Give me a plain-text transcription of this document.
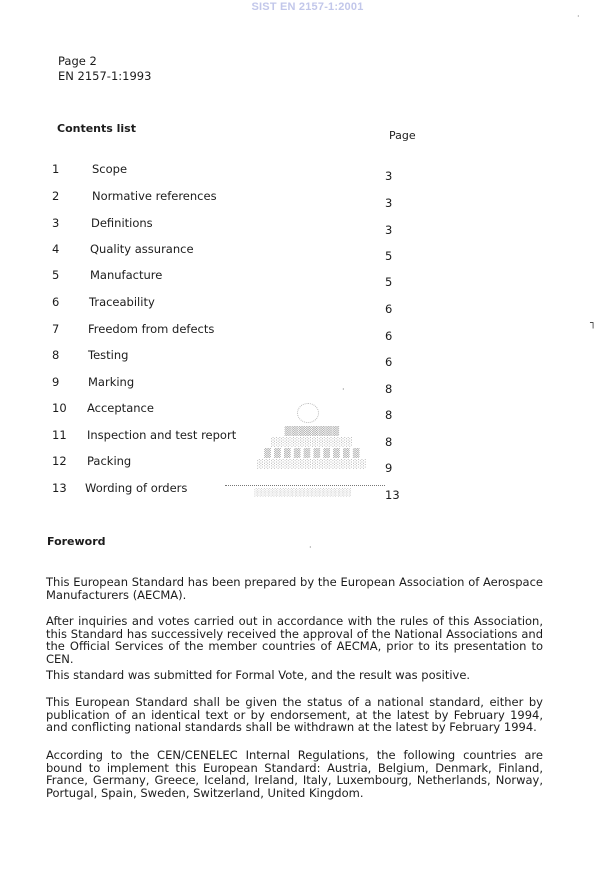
SIST EN 2157-1:2001
Page 2
EN 2157-1:1993
Contents list
Page
1	Scope	3
2	Normative references	3
3	Definitions	3
4	Quality assurance	5
5	Manufacture	5
6	Traceability	6
7 Freedom from defects	6
8 Testing	6
9 Marking	8
10 Acceptance	8
11 Inspection and test report	8
12 Packing	9
13 Wording of orders	13
░░░░░░░░░░░░░░░░
▒ ▒ ▒ ▒ ▒ ▒ ▒ ▒ ▒ ▒
░░░░░░░░░░░░
▒▒▒▒▒▒▒▒
░░░░░░░░░░░░░░░░░░
┐
·
·
·
Foreword
This European Standard has been prepared by the European Association of Aerospace Manufacturers (AECMA).
After inquiries and votes carried out in accordance with the rules of this Association, this Standard has successively received the approval of the National Associations and the Official Services of the member countries of AECMA, prior to its presentation to CEN.
This standard was submitted for Formal Vote, and the result was positive.
This European Standard shall be given the status of a national standard, either by publication of an identical text or by endorsement, at the latest by February 1994, and conflicting national standards shall be withdrawn at the latest by February 1994.
According to the CEN/CENELEC Internal Regulations, the following countries are bound to implement this European Standard: Austria, Belgium, Denmark, Finland, France, Germany, Greece, Iceland, Ireland, Italy, Luxembourg, Netherlands, Norway, Portugal, Spain, Sweden, Switzerland, United Kingdom.
